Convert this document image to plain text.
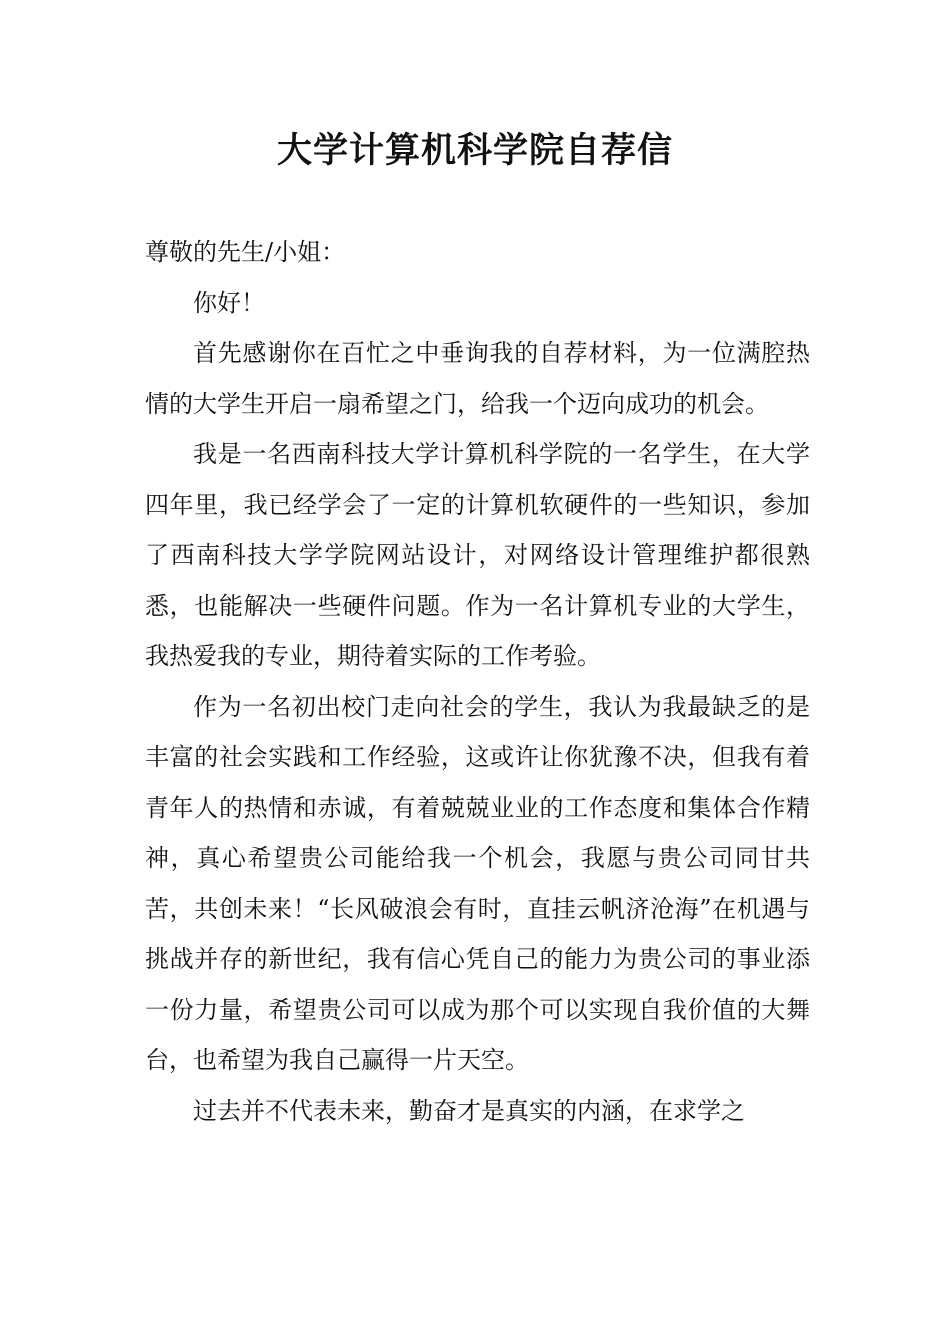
大学计算机科学院自荐信

尊敬的先生/小姐：

你好！

首先感谢你在百忙之中垂询我的自荐材料，为一位满腔热情的大学生开启一扇希望之门，给我一个迈向成功的机会。

我是一名西南科技大学计算机科学院的一名学生，在大学四年里，我已经学会了一定的计算机软硬件的一些知识，参加了西南科技大学学院网站设计，对网络设计管理维护都很熟悉，也能解决一些硬件问题。作为一名计算机专业的大学生，我热爱我的专业，期待着实际的工作考验。

作为一名初出校门走向社会的学生，我认为我最缺乏的是丰富的社会实践和工作经验，这或许让你犹豫不决，但我有着青年人的热情和赤诚，有着兢兢业业的工作态度和集体合作精神，真心希望贵公司能给我一个机会，我愿与贵公司同甘共苦，共创未来！“长风破浪会有时，直挂云帆济沧海”在机遇与挑战并存的新世纪，我有信心凭自己的能力为贵公司的事业添一份力量，希望贵公司可以成为那个可以实现自我价值的大舞台，也希望为我自己赢得一片天空。

过去并不代表未来，勤奋才是真实的内涵，在求学之
